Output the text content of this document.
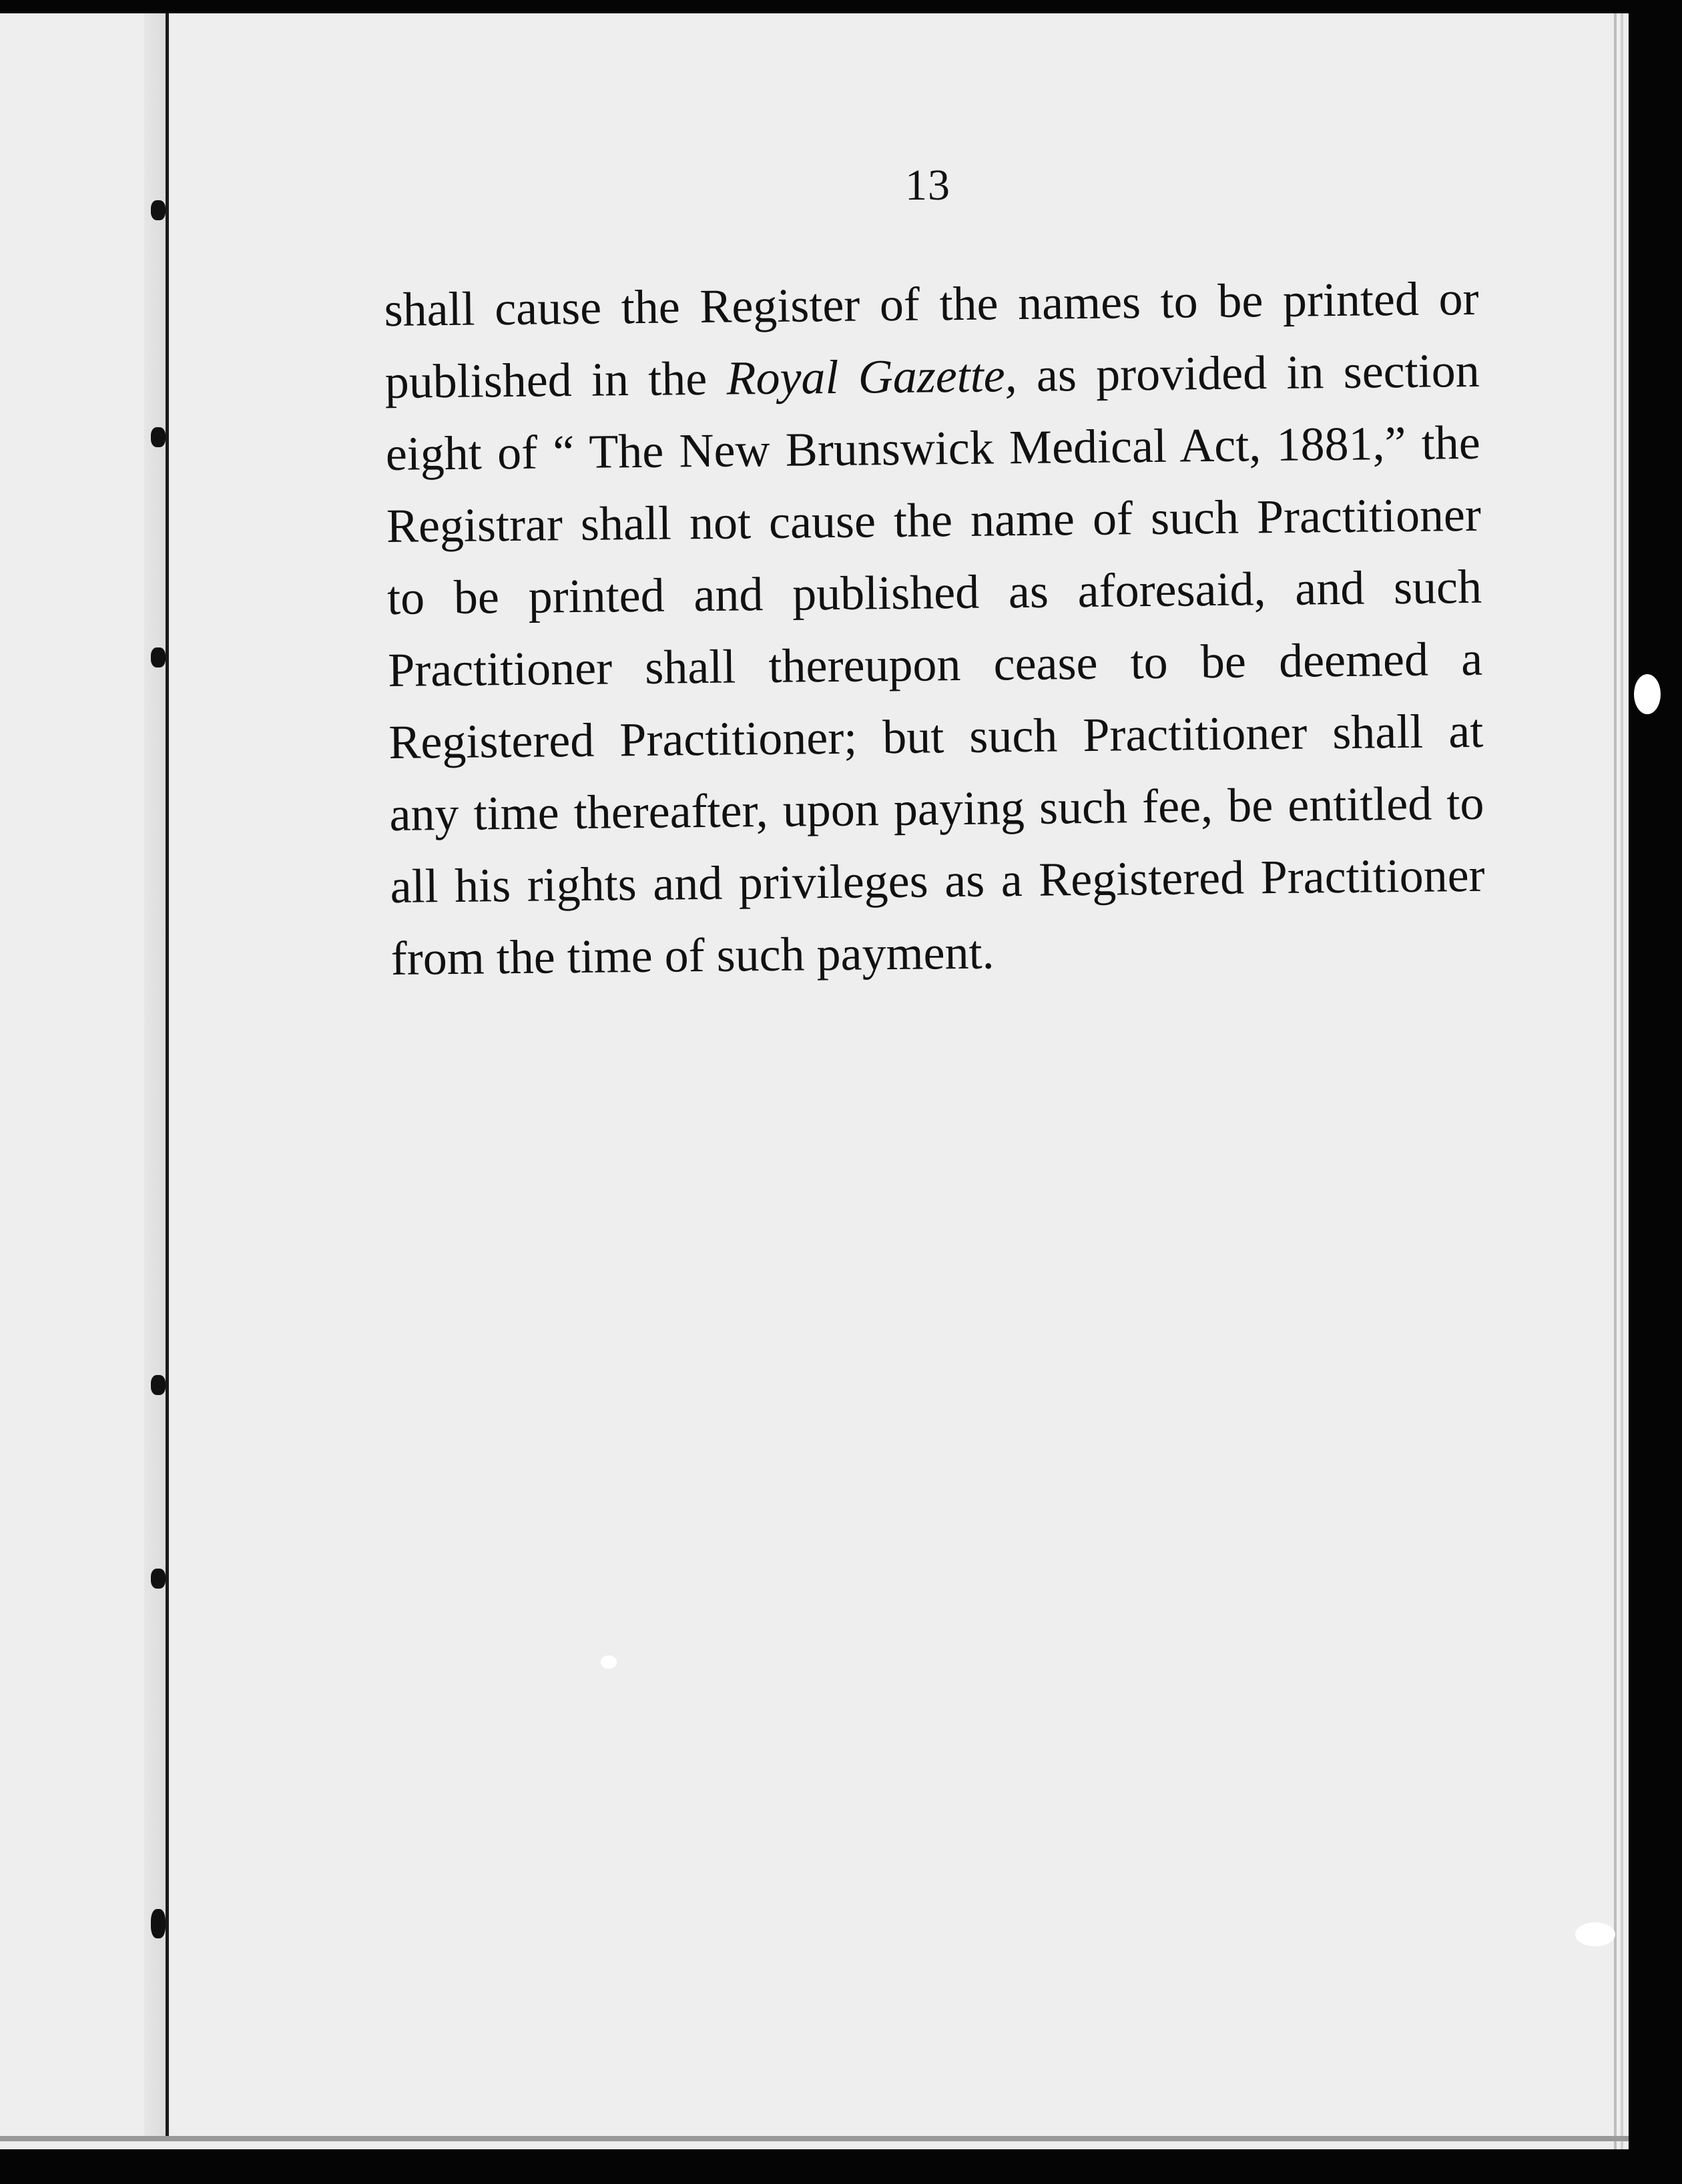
13

shall cause the Register of the names to be printed or published in the Royal Gazette, as provided in section eight of “ The New Brunswick Medical Act, 1881,” the Registrar shall not cause the name of such Practitioner to be printed and published as aforesaid, and such Practitioner shall thereupon cease to be deemed a Registered Practitioner; but such Practitioner shall at any time thereafter, upon paying such fee, be entitled to all his rights and privileges as a Registered Practitioner from the time of such payment.
